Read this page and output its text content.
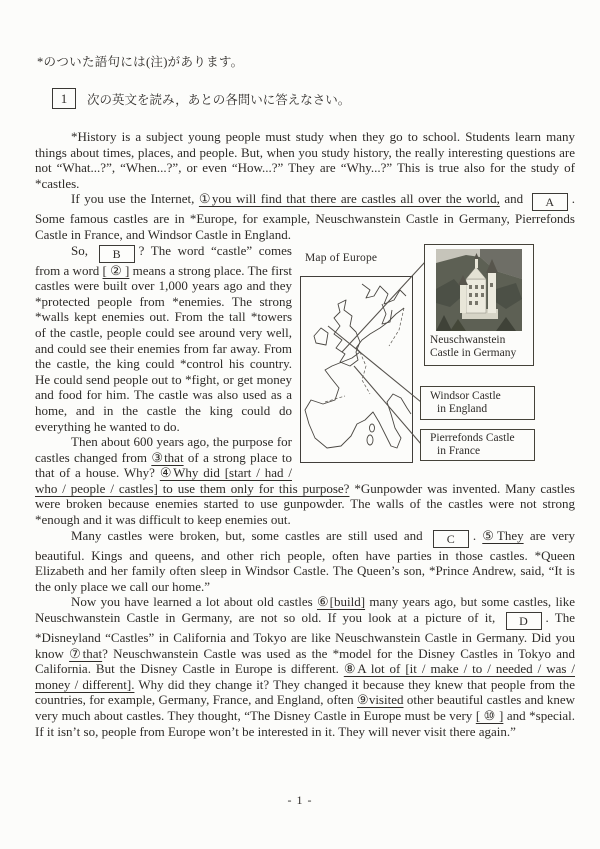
*のついた語句には(注)があります。

1	次の英文を読み，あとの各問いに答えなさい。
*History is a subject young people must study when they go to school. Students learn many things about times, places, and people. But, when you study history, the really interesting questions are not “What...?”, “When...?”, or even “How...?” They are “Why...?” This is true also for the study of *castles.
If you use the Internet, ①you will find that there are castles all over the world, and A . Some famous castles are in *Europe, for example, Neuschwanstein Castle in Germany, Pierrefonds Castle in France, and Windsor Castle in England.
Map of Europe
Neuschwanstein
Castle in Germany
Windsor Castle
in England
Pierrefonds Castle
in France
So, B ? The word “castle” comes from a word [ ② ] means a strong place. The first castles were built over 1,000 years ago and they *protected people from *enemies. The strong *walls kept enemies out. From the tall *towers of the castle, people could see around very well, and could see their enemies from far away. From the castle, the king could *control his country. He could send people out to *fight, or get money and food for him. The castle was also used as a home, and in the castle the king could do everything he wanted to do.
Then about 600 years ago, the purpose for castles changed from ③that of a strong place to that of a house. Why? ④Why did [start / had / who / people / castles] to use them only for this purpose? *Gunpowder was invented. Many castles were broken because enemies started to use gunpowder. The walls of the castles were not strong *enough and it was difficult to keep enemies out.
Many castles were broken, but, some castles are still used and C . ⑤They are very beautiful. Kings and queens, and other rich people, often have parties in those castles. *Queen Elizabeth and her family often sleep in Windsor Castle. The Queen’s son, *Prince Andrew, said, “It is the only place we call our home.”
Now you have learned a lot about old castles ⑥[build] many years ago, but some castles, like Neuschwanstein Castle in Germany, are not so old. If you look at a picture of it, D . The *Disneyland “Castles” in California and Tokyo are like Neuschwanstein Castle in Germany. Did you know ⑦that? Neuschwanstein Castle was used as the *model for the Disney Castles in Tokyo and California. But the Disney Castle in Europe is different. ⑧A lot of [it / make / to / needed / was / money / different]. Why did they change it? They changed it because they knew that people from the countries, for example, Germany, France, and England, often ⑨visited other beautiful castles and knew very much about castles. They thought, “The Disney Castle in Europe must be very [ ⑩ ] and *special. If it isn’t so, people from Europe won’t be interested in it. They will never visit there again.”
- 1 -
